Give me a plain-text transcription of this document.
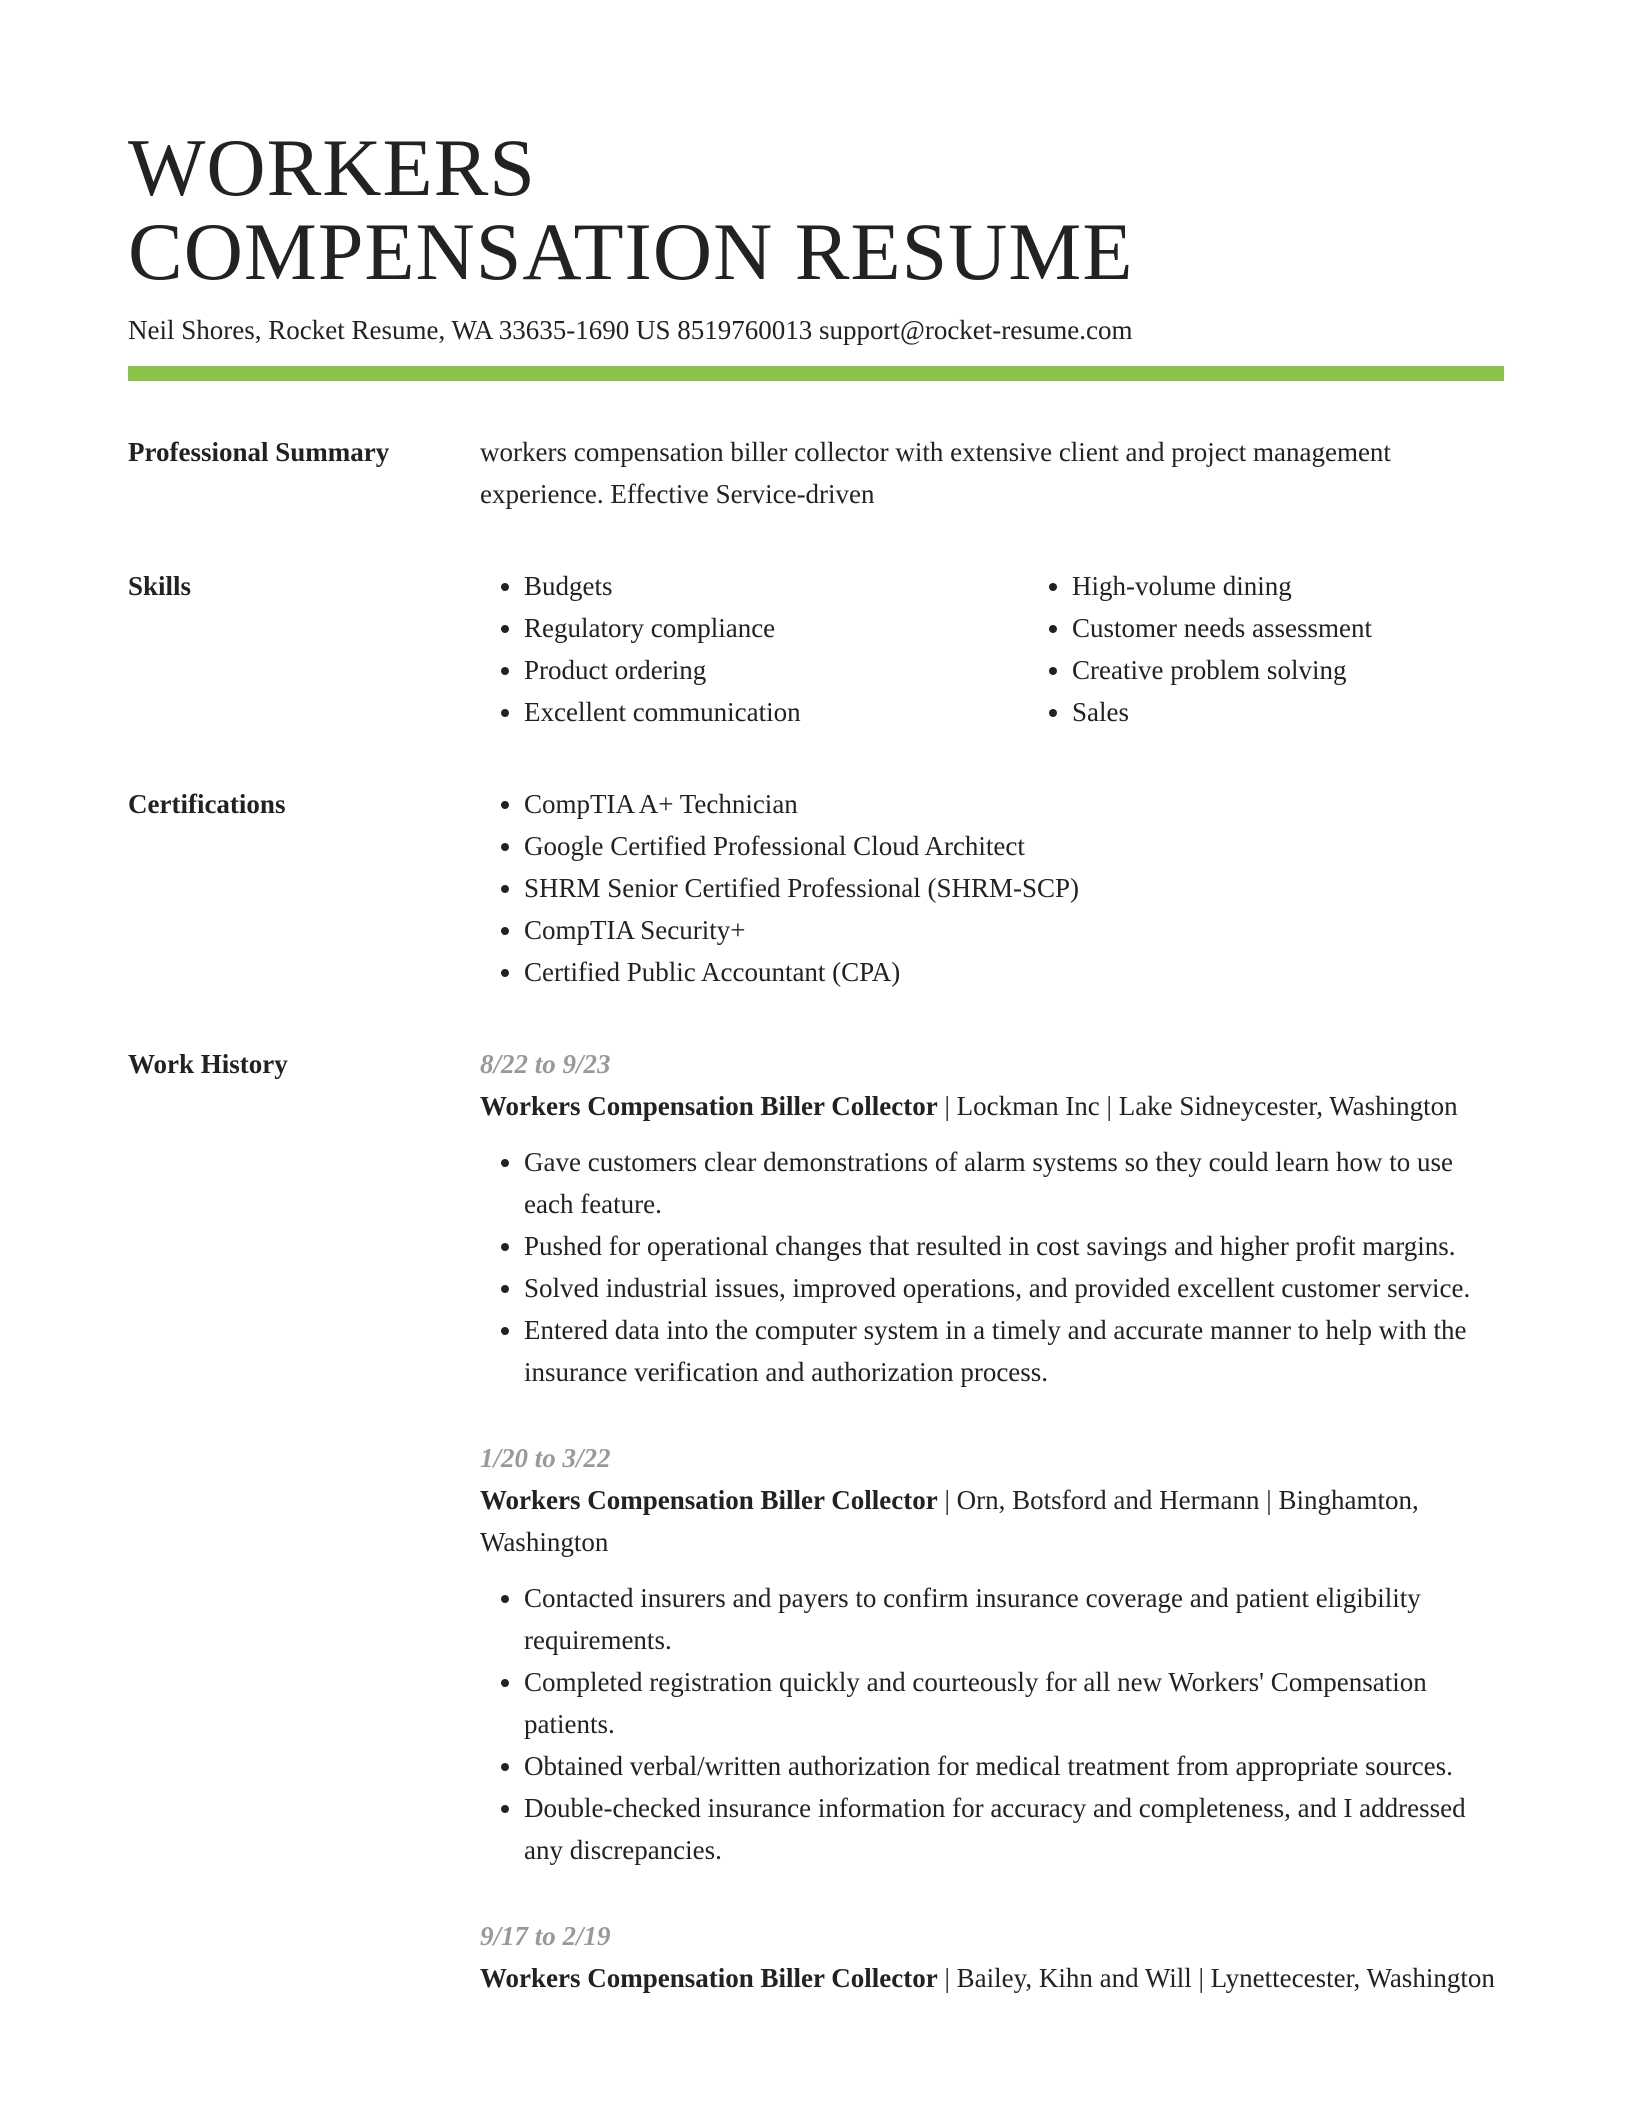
WORKERS
COMPENSATION RESUME
Neil Shores, Rocket Resume, WA 33635-1690 US 8519760013 support@rocket-resume.com
Professional Summary	workers compensation biller collector with extensive client and project management experience. Effective Service-driven

Skills	• Budgets
• Regulatory compliance
• Product ordering
• Excellent communication
• High-volume dining
• Customer needs assessment
• Creative problem solving
• Sales
Certifications	• CompTIA A+ Technician
• Google Certified Professional Cloud Architect
• SHRM Senior Certified Professional (SHRM-SCP)
• CompTIA Security+
• Certified Public Accountant (CPA)
Work History	8/22 to 9/23
Workers Compensation Biller Collector | Lockman Inc | Lake Sidneycester, Washington
• Gave customers clear demonstrations of alarm systems so they could learn how to use each feature.
• Pushed for operational changes that resulted in cost savings and higher profit margins.
• Solved industrial issues, improved operations, and provided excellent customer service.
• Entered data into the computer system in a timely and accurate manner to help with the insurance verification and authorization process.
1/20 to 3/22
Workers Compensation Biller Collector | Orn, Botsford and Hermann | Binghamton, Washington
• Contacted insurers and payers to confirm insurance coverage and patient eligibility requirements.
• Completed registration quickly and courteously for all new Workers' Compensation patients.
• Obtained verbal/written authorization for medical treatment from appropriate sources.
• Double-checked insurance information for accuracy and completeness, and I addressed any discrepancies.
9/17 to 2/19
Workers Compensation Biller Collector | Bailey, Kihn and Will | Lynettecester, Washington
